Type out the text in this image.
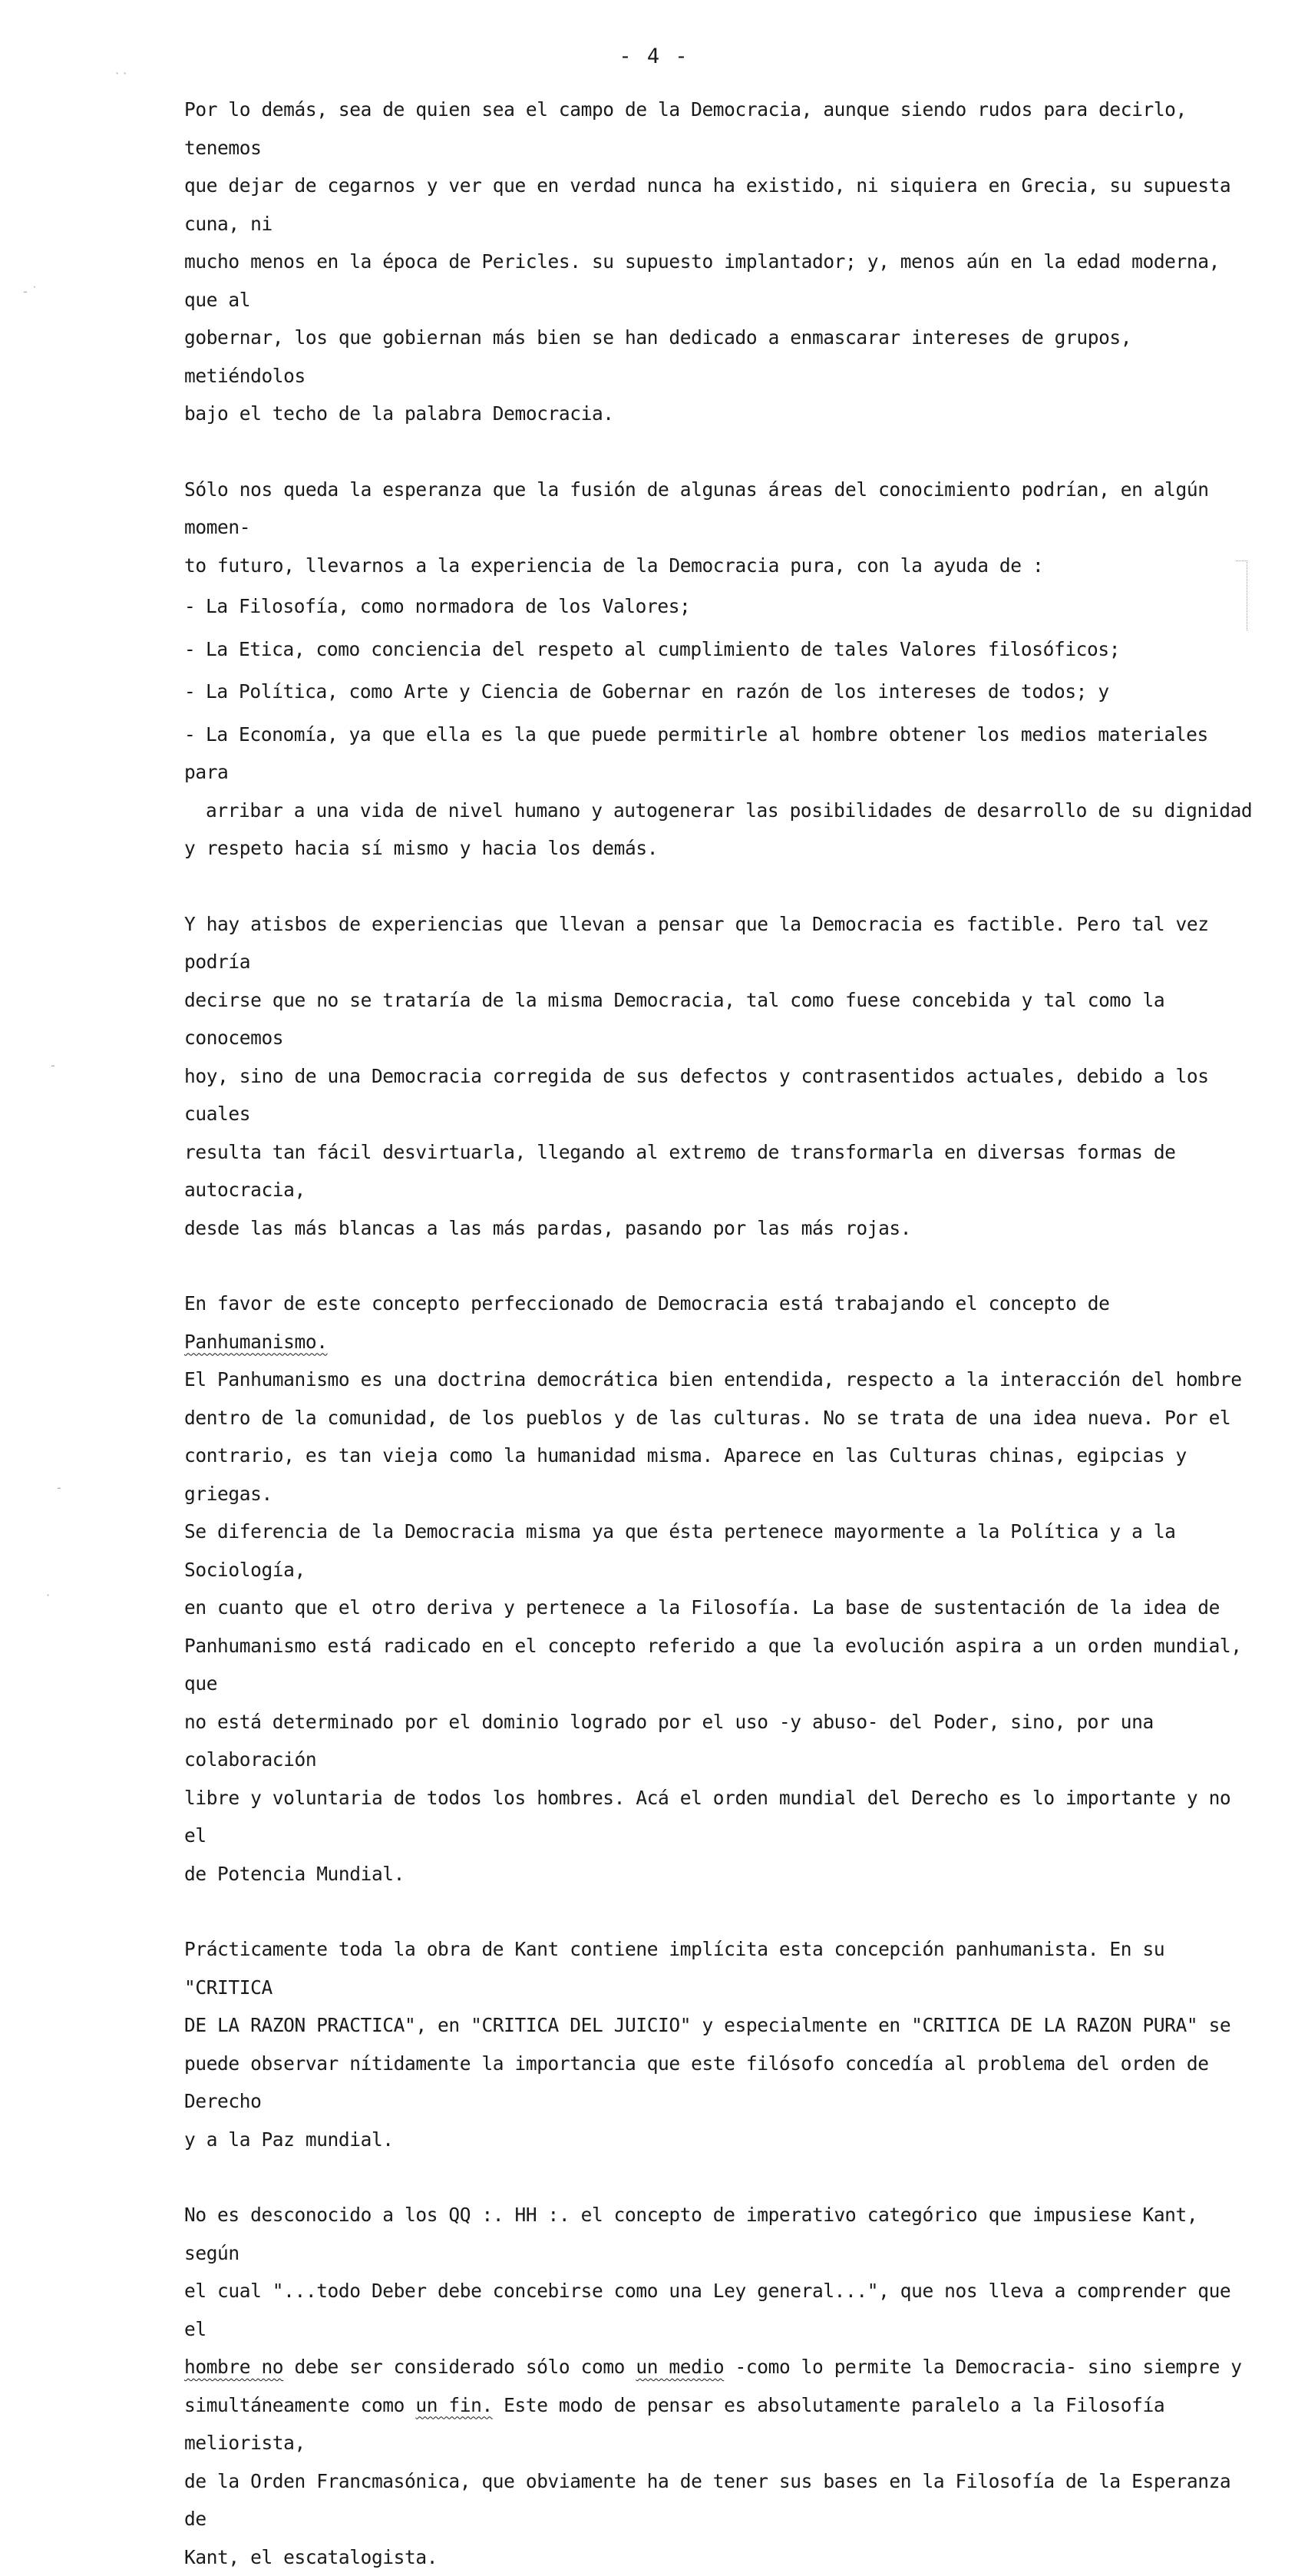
- 4 -
· ·
- ˙
-
-
·

Por lo demás, sea de quien sea el campo de la Democracia, aunque siendo rudos para decirlo, tenemos

que dejar de cegarnos y ver que en verdad nunca ha existido, ni siquiera en Grecia, su supuesta cuna, ni

mucho menos en la época de Pericles. su supuesto implantador; y, menos aún en la edad moderna, que al

gobernar, los que gobiernan más bien se han dedicado a enmascarar intereses de grupos, metiéndolos

bajo el techo de la palabra Democracia.

Sólo nos queda la esperanza que la fusión de algunas áreas del conocimiento podrían, en algún momen-

to futuro, llevarnos a la experiencia de la Democracia pura, con la ayuda de :

- La Filosofía, como normadora de los Valores;

- La Etica, como conciencia del respeto al cumplimiento de tales Valores filosóficos;

- La Política, como Arte y Ciencia de Gobernar en razón de los intereses de todos; y

- La Economía, ya que ella es la que puede permitirle al hombre obtener los medios materiales para

arribar a una vida de nivel humano y autogenerar las posibilidades de desarrollo de su dignidad

y respeto hacia sí mismo y hacia los demás.

Y hay atisbos de experiencias que llevan a pensar que la Democracia es factible. Pero tal vez podría

decirse que no se trataría de la misma Democracia, tal como fuese concebida y tal como la conocemos

hoy, sino de una Democracia corregida de sus defectos y contrasentidos actuales, debido a los cuales

resulta tan fácil desvirtuarla, llegando al extremo de transformarla en diversas formas de autocracia,

desde las más blancas a las más pardas, pasando por las más rojas.

En favor de este concepto perfeccionado de Democracia está trabajando el concepto de Panhumanismo.

El Panhumanismo es una doctrina democrática bien entendida, respecto a la interacción del hombre

dentro de la comunidad, de los pueblos y de las culturas. No se trata de una idea nueva. Por el

contrario, es tan vieja como la humanidad misma. Aparece en las Culturas chinas, egipcias y griegas.

Se diferencia de la Democracia misma ya que ésta pertenece mayormente a la Política y a la Sociología,

en cuanto que el otro deriva y pertenece a la Filosofía. La base de sustentación de la idea de

Panhumanismo está radicado en el concepto referido a que la evolución aspira a un orden mundial, que

no está determinado por el dominio logrado por el uso -y abuso- del Poder, sino, por una colaboración

libre y voluntaria de todos los hombres. Acá el orden mundial del Derecho es lo importante y no el

de Potencia Mundial.

Prácticamente toda la obra de Kant contiene implícita esta concepción panhumanista. En su "CRITICA

DE LA RAZON PRACTICA", en "CRITICA DEL JUICIO" y especialmente en "CRITICA DE LA RAZON PURA" se

puede observar nítidamente la importancia que este filósofo concedía al problema del orden de Derecho

y a la Paz mundial.

No es desconocido a los QQ :. HH :. el concepto de imperativo categórico que impusiese Kant, según

el cual "...todo Deber debe concebirse como una Ley general...", que nos lleva a comprender que el

hombre no debe ser considerado sólo como un medio -como lo permite la Democracia- sino siempre y

simultáneamente como un fin. Este modo de pensar es absolutamente paralelo a la Filosofía meliorista,

de la Orden Francmasónica, que obviamente ha de tener sus bases en la Filosofía de la Esperanza de

Kant, el escatalogista.
